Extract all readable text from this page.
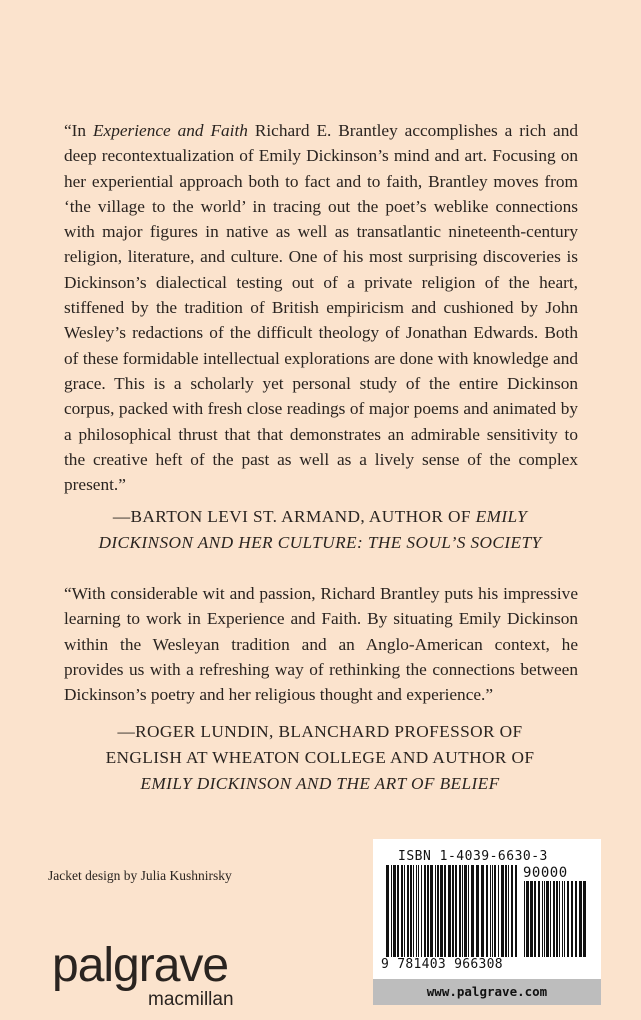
“In Experience and Faith Richard E. Brantley accomplishes a rich and deep recontextualization of Emily Dickinson’s mind and art. Focusing on her experiential approach both to fact and to faith, Brantley moves from ‘the village to the world’ in tracing out the poet’s weblike connections with major figures in native as well as transatlantic nineteenth-century religion, literature, and culture. One of his most surprising discoveries is Dickinson’s dialectical testing out of a private religion of the heart, stiffened by the tradition of British empiricism and cushioned by John Wesley’s redactions of the difficult theology of Jonathan Edwards. Both of these formidable intellectual explorations are done with knowledge and grace. This is a scholarly yet personal study of the entire Dickinson corpus, packed with fresh close readings of major poems and animated by a philosophical thrust that that demonstrates an admirable sensitivity to the creative heft of the past as well as a lively sense of the complex present.”
—BARTON LEVI ST. ARMAND, AUTHOR OF EMILY
DICKINSON AND HER CULTURE: THE SOUL’S SOCIETY
“With considerable wit and passion, Richard Brantley puts his impressive learning to work in Experience and Faith. By situating Emily Dickinson within the Wesleyan tradition and an Anglo-American context, he provides us with a refreshing way of rethinking the connections between Dickinson’s poetry and her religious thought and experience.”
—ROGER LUNDIN, BLANCHARD PROFESSOR OF
ENGLISH AT WHEATON COLLEGE AND AUTHOR OF
EMILY DICKINSON AND THE ART OF BELIEF
Jacket design by Julia Kushnirsky
palgrave
macmillan
ISBN 1-4039-6630-3
90000
9 781403 966308
www.palgrave.com
